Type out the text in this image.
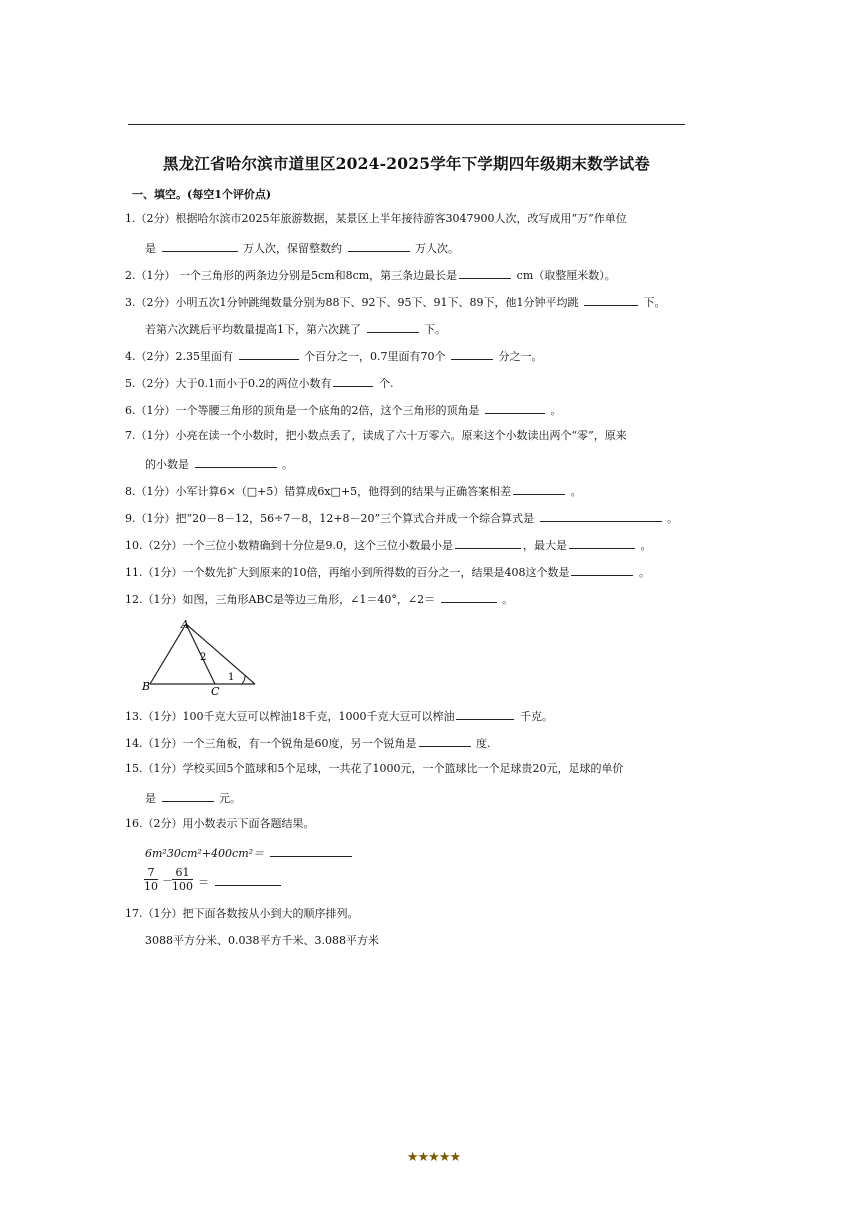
黑龙江省哈尔滨市道里区2024-2025学年下学期四年级期末数学试卷
一、填空。(每空1个评价点)
1.（2分）根据哈尔滨市2025年旅游数据，某景区上半年接待游客3047900人次，改写成用“万”作单位
是	万人次，保留整数约	万人次。
2.（1分） 一个三角形的两条边分别是5cm和8cm，第三条边最长是	cm（取整厘米数）。
3.（2分）小明五次1分钟跳绳数量分别为88下、92下、95下、91下、89下，他1分钟平均跳	下。
若第六次跳后平均数量提高1下，第六次跳了	下。
4.（2分）2.35里面有	个百分之一，0.7里面有70个	分之一。
5.（2分）大于0.1而小于0.2的两位小数有	个.
6.（1分）一个等腰三角形的顶角是一个底角的2倍，这个三角形的顶角是	。
7.（1分）小亮在读一个小数时，把小数点丢了，读成了六十万零六。原来这个小数读出两个“零”，原来
的小数是	。
8.（1分）小军计算6×（□+5）错算成6x□+5，他得到的结果与正确答案相差	。
9.（1分）把“20－8－12，56÷7－8，12+8－20”三个算式合并成一个综合算式是	。
10.（2分）一个三位小数精确到十分位是9.0，这个三位小数最小是	，最大是	。
11.（1分）一个数先扩大到原来的10倍，再缩小到所得数的百分之一，结果是408这个数是	。
12.（1分）如图，三角形ABC是等边三角形，∠1＝40°，∠2＝	。
A
B	C
1
2
13.（1分）100千克大豆可以榨油18千克，1000千克大豆可以榨油	千克。
14.（1分）一个三角板，有一个锐角是60度，另一个锐角是	度.
15.（1分）学校买回5个篮球和5个足球，一共花了1000元，一个篮球比一个足球贵20元，足球的单价
是	元。
16.（2分）用小数表示下面各题结果。
6m²30cm²+400cm²＝
$\frac{7}{10} - \frac{61}{100}$ ＝
17.（1分）把下面各数按从小到大的顺序排列。
3088平方分米、0.038平方千米、3.088平方米
★★★★★
